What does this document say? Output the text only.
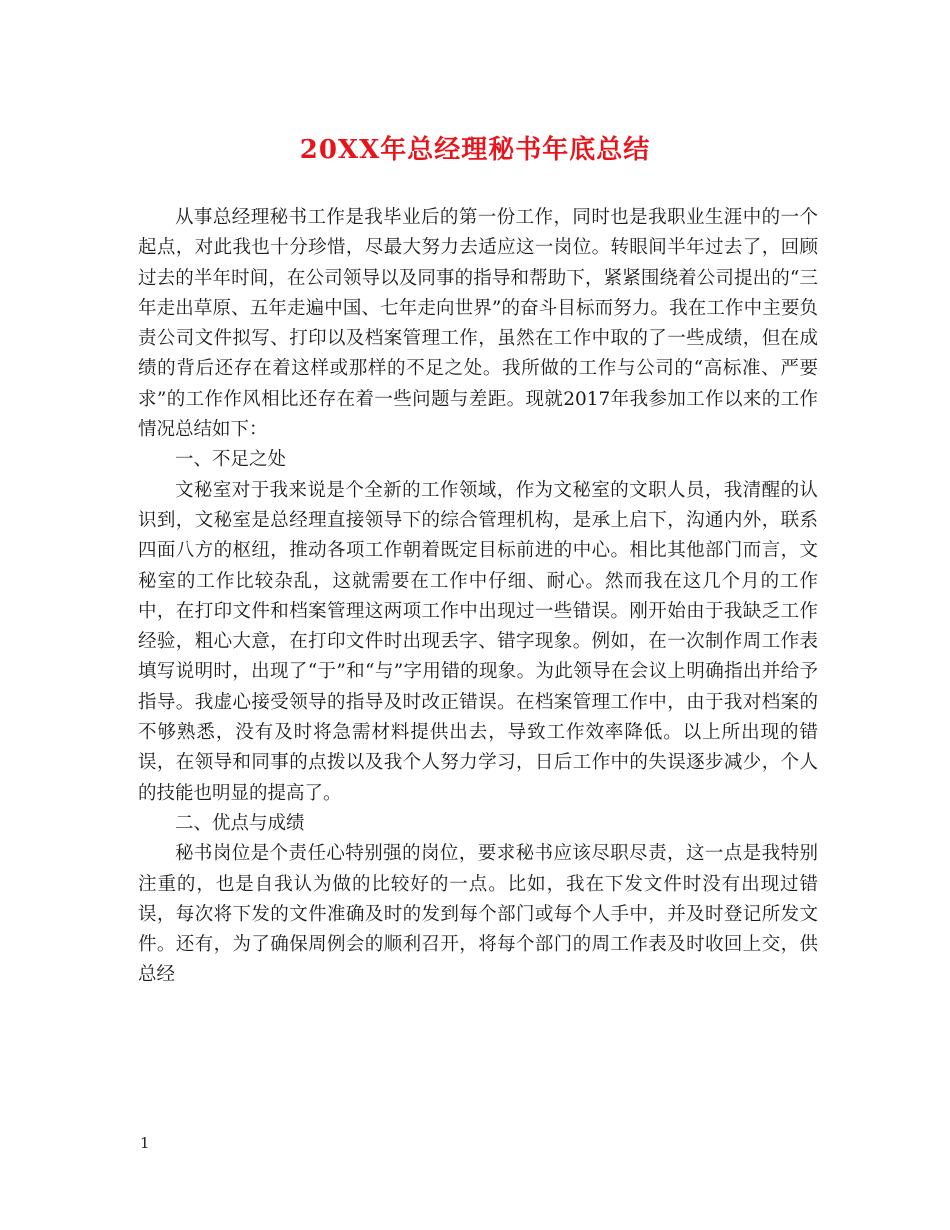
20XX年总经理秘书年底总结

从事总经理秘书工作是我毕业后的第一份工作，同时也是我职业生涯中的一个起点，对此我也十分珍惜，尽最大努力去适应这一岗位。转眼间半年过去了，回顾过去的半年时间，在公司领导以及同事的指导和帮助下，紧紧围绕着公司提出的“三年走出草原、五年走遍中国、七年走向世界”的奋斗目标而努力。我在工作中主要负责公司文件拟写、打印以及档案管理工作，虽然在工作中取的了一些成绩，但在成绩的背后还存在着这样或那样的不足之处。我所做的工作与公司的“高标准、严要求”的工作作风相比还存在着一些问题与差距。现就2017年我参加工作以来的工作情况总结如下：

一、不足之处

文秘室对于我来说是个全新的工作领域，作为文秘室的文职人员，我清醒的认识到，文秘室是总经理直接领导下的综合管理机构，是承上启下，沟通内外，联系四面八方的枢纽，推动各项工作朝着既定目标前进的中心。相比其他部门而言，文秘室的工作比较杂乱，这就需要在工作中仔细、耐心。然而我在这几个月的工作中，在打印文件和档案管理这两项工作中出现过一些错误。刚开始由于我缺乏工作经验，粗心大意，在打印文件时出现丢字、错字现象。例如，在一次制作周工作表填写说明时，出现了“于”和“与”字用错的现象。为此领导在会议上明确指出并给予指导。我虚心接受领导的指导及时改正错误。在档案管理工作中，由于我对档案的不够熟悉，没有及时将急需材料提供出去，导致工作效率降低。以上所出现的错误，在领导和同事的点拨以及我个人努力学习，日后工作中的失误逐步减少，个人的技能也明显的提高了。

二、优点与成绩

秘书岗位是个责任心特别强的岗位，要求秘书应该尽职尽责，这一点是我特别注重的，也是自我认为做的比较好的一点。比如，我在下发文件时没有出现过错误，每次将下发的文件准确及时的发到每个部门或每个人手中，并及时登记所发文件。还有，为了确保周例会的顺利召开，将每个部门的周工作表及时收回上交，供总经

1
